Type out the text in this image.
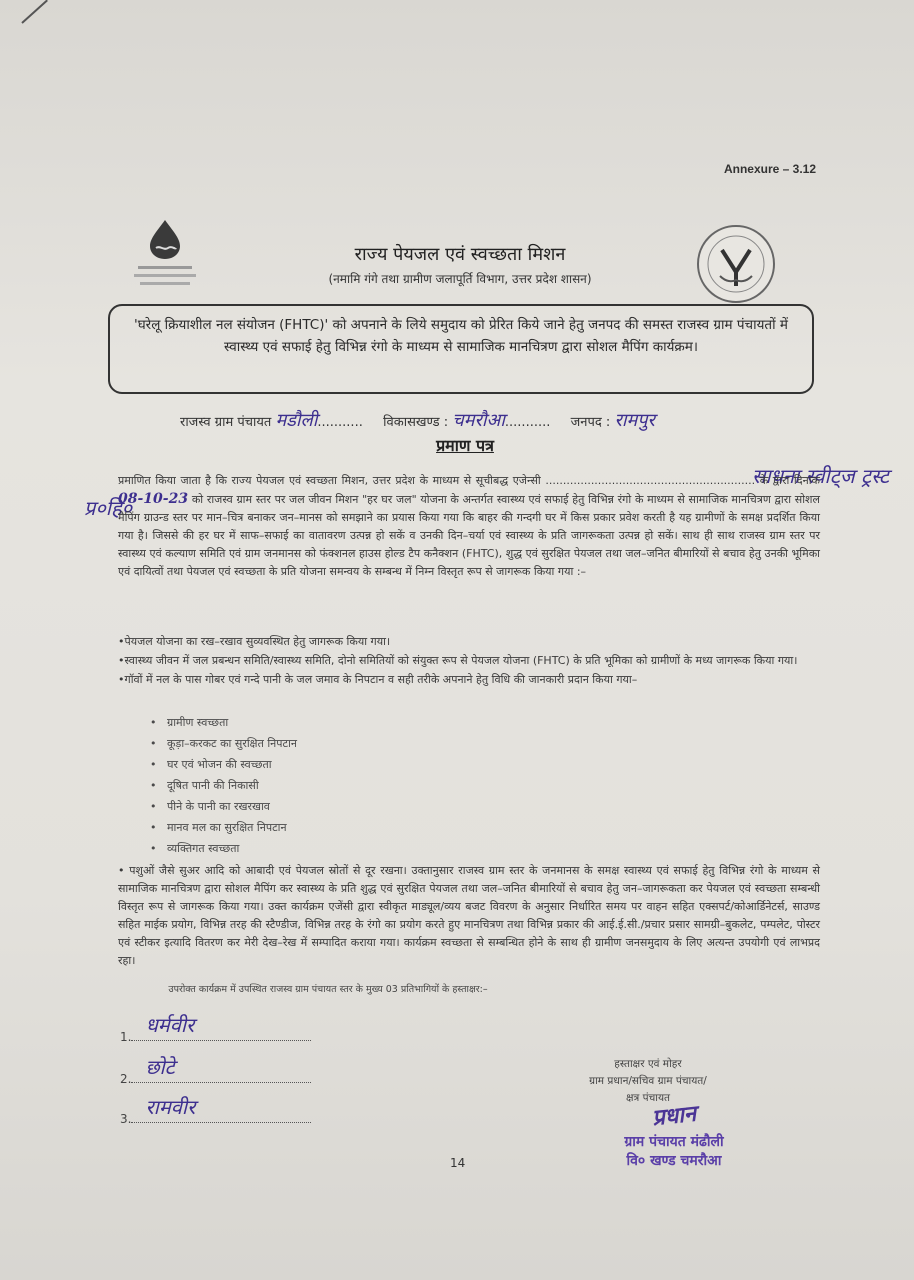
Annexure – 3.12
राज्य पेयजल एवं स्वच्छता मिशन
(नमामि गंगे तथा ग्रामीण जलापूर्ति विभाग, उत्तर प्रदेश शासन)
'घरेलू क्रियाशील नल संयोजन (FHTC)' को अपनाने के लिये समुदाय को प्रेरित किये जाने हेतु जनपद की समस्त राजस्व ग्राम पंचायतों में स्वास्थ्य एवं सफाई हेतु विभिन्न रंगो के माध्यम से सामाजिक मानचित्रण द्वारा सोशल मैपिंग कार्यक्रम।
राजस्व ग्राम पंचायत मडौली........... विकासखण्ड : चमरौआ........... जनपद : रामपुर
प्रमाण पत्र
साधना स्वीट्ज ट्रस्ट
प्र०हि०

प्रमाणित किया जाता है कि राज्य पेयजल एवं स्वच्छता मिशन, उत्तर प्रदेश के माध्यम से सूचीबद्ध एजेन्सी ............................................................ के द्वारा दिनांक 08-10-23 को राजस्व ग्राम स्तर पर जल जीवन मिशन "हर घर जल" योजना के अन्तर्गत स्वास्थ्य एवं सफाई हेतु विभिन्न रंगो के माध्यम से सामाजिक मानचित्रण द्वारा सोशल मैपिंग ग्राउन्ड स्तर पर मान–चित्र बनाकर जन–मानस को समझाने का प्रयास किया गया कि बाहर की गन्दगी घर में किस प्रकार प्रवेश करती है यह ग्रामीणों के समक्ष प्रदर्शित किया गया है। जिससे की हर घर में साफ–सफाई का वातावरण उत्पन्न हो सकें व उनकी दिन–चर्या एवं स्वास्थ्य के प्रति जागरूकता उत्पन्न हो सकें। साथ ही साथ राजस्व ग्राम स्तर पर स्वास्थ्य एवं कल्याण समिति एवं ग्राम जनमानस को फंक्शनल हाउस होल्ड टैप कनैक्शन (FHTC), शुद्ध एवं सुरक्षित पेयजल तथा जल–जनित बीमारियों से बचाव हेतु उनकी भूमिका एवं दायित्वों तथा पेयजल एवं स्वच्छता के प्रति योजना समन्वय के सम्बन्ध में निम्न विस्तृत रूप से जागरूक किया गया :–

• पेयजल योजना का रख–रखाव सुव्यवस्थित हेतु जागरूक किया गया।
• स्वास्थ्य जीवन में जल प्रबन्धन समिति/स्वास्थ्य समिति, दोनो समितियों को संयुक्त रूप से पेयजल योजना (FHTC) के प्रति भूमिका को ग्रामीणों के मध्य जागरूक किया गया।
• गॉवों में नल के पास गोबर एवं गन्दे पानी के जल जमाव के निपटान व सही तरीके अपनाने हेतु विधि की जानकारी प्रदान किया गया–
•   ग्रामीण स्वच्छता
•   कूड़ा–करकट का सुरक्षित निपटान
•   घर एवं भोजन की स्वच्छता
•   दूषित पानी की निकासी
•   पीने के पानी का रखरखाव
•   मानव मल का सुरक्षित निपटान
•   व्यक्तिगत स्वच्छता
• पशुओं जैसे सुअर आदि को आबादी एवं पेयजल स्रोतों से दूर रखना। उक्तानुसार राजस्व ग्राम स्तर के जनमानस के समक्ष स्वास्थ्य एवं सफाई हेतु विभिन्न रंगो के माध्यम से सामाजिक मानचित्रण द्वारा सोशल मैपिंग कर स्वास्थ्य के प्रति शुद्ध एवं सुरक्षित पेयजल तथा जल–जनित बीमारियों से बचाव हेतु जन–जागरूकता कर पेयजल एवं स्वच्छता सम्बन्धी विस्तृत रूप से जागरूक किया गया। उक्त कार्यक्रम एजेंसी द्वारा स्वीकृत माड्यूल/व्यय बजट विवरण के अनुसार निर्धारित समय पर वाहन सहित एक्सपर्ट/कोआर्डिनेटर्स, साउण्ड सहित माईक प्रयोग, विभिन्न तरह की स्टैण्डीज, विभिन्न तरह के रंगो का प्रयोग करते हुए मानचित्रण तथा विभिन्न प्रकार की आई.ई.सी./प्रचार प्रसार सामग्री–बुकलेट, पम्पलेट, पोस्टर एवं स्टीकर इत्यादि वितरण कर मेरी देख–रेख में सम्पादित कराया गया। कार्यक्रम स्वच्छता से सम्बन्धित होने के साथ ही ग्रामीण जनसमुदाय के लिए अत्यन्त उपयोगी एवं लाभप्रद रहा।
उपरोक्त कार्यक्रम में उपस्थित राजस्व ग्राम पंचायत स्तर के मुख्य 03 प्रतिभागियों के हस्ताक्षर:–
1. धर्मवीर
2. छोटे
3. रामवीर
हस्ताक्षर एवं मोहर
ग्राम प्रधान/सचिव ग्राम पंचायत/
क्षत्र पंचायत
प्रधान
ग्राम पंचायत मंढौली
वि० खण्ड चमरौआ
14
